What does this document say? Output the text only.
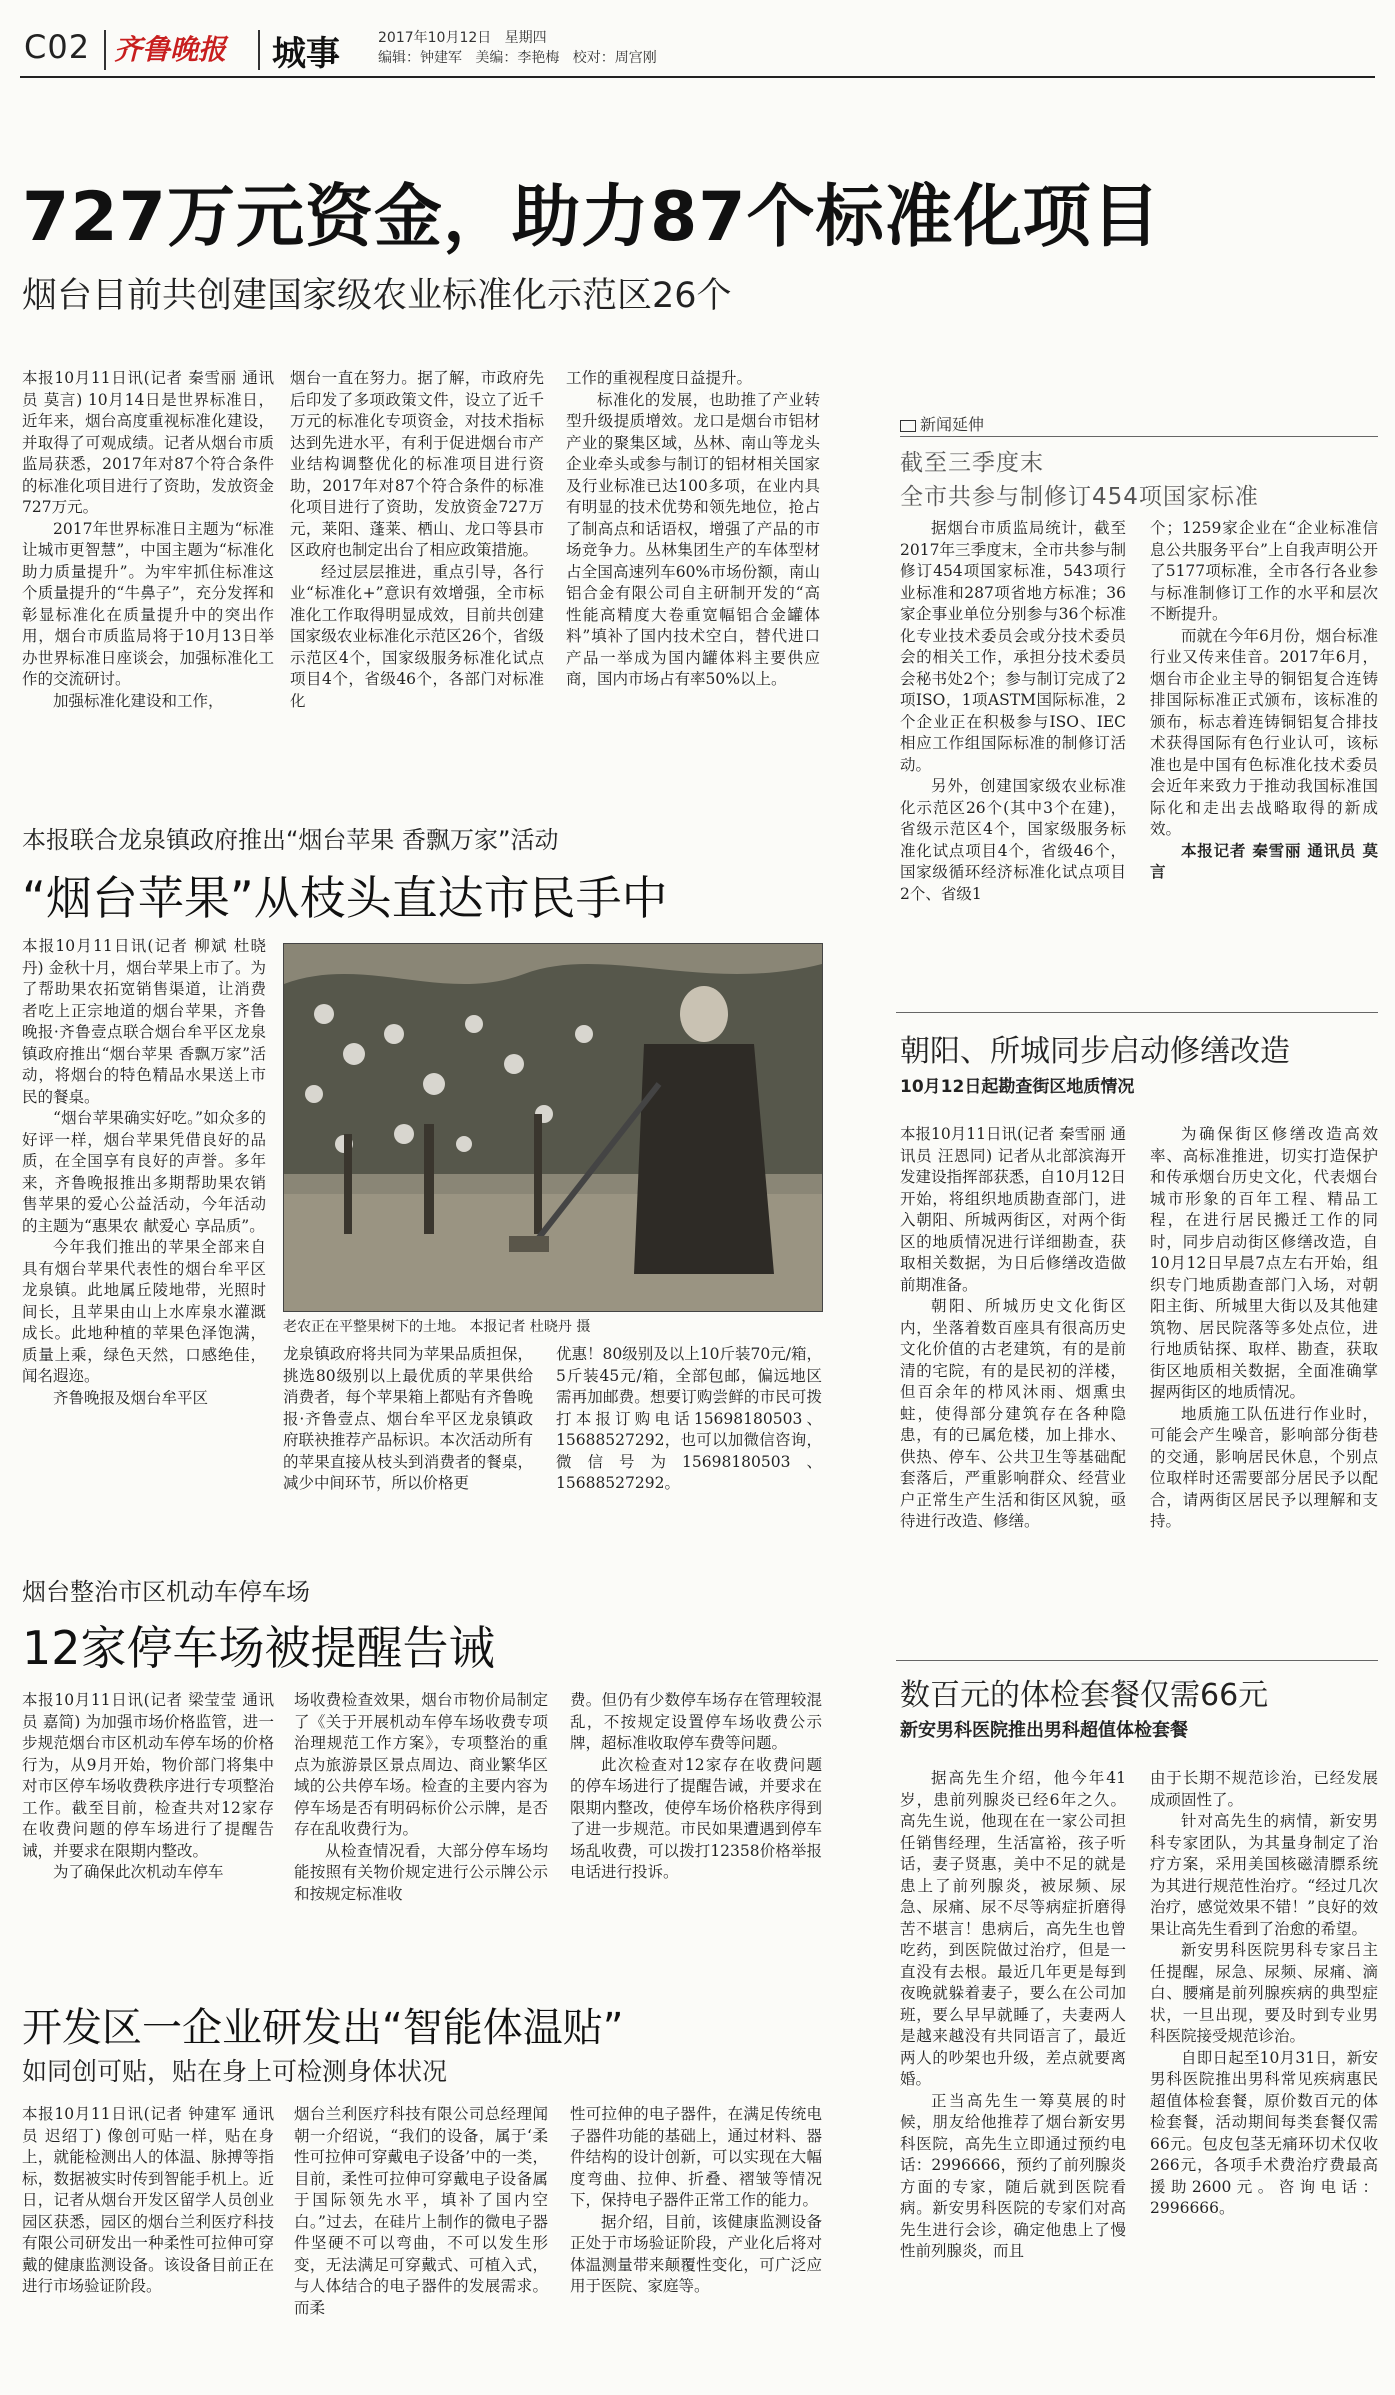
C02 齐鲁晚报 城事	2017年10月12日 星期四
编辑：钟建军 美编：李艳梅 校对：周宫刚
727万元资金，助力87个标准化项目
烟台目前共创建国家级农业标准化示范区26个

本报10月11日讯(记者 秦雪丽 通讯员 莫言) 10月14日是世界标准日，近年来，烟台高度重视标准化建设，并取得了可观成绩。记者从烟台市质监局获悉，2017年对87个符合条件的标准化项目进行了资助，发放资金727万元。

2017年世界标准日主题为“标准让城市更智慧”，中国主题为“标准化助力质量提升”。为牢牢抓住标准这个质量提升的“牛鼻子”，充分发挥和彰显标准化在质量提升中的突出作用，烟台市质监局将于10月13日举办世界标准日座谈会，加强标准化工作的交流研讨。

加强标准化建设和工作，

烟台一直在努力。据了解，市政府先后印发了多项政策文件，设立了近千万元的标准化专项资金，对技术指标达到先进水平，有利于促进烟台市产业结构调整优化的标准项目进行资助，2017年对87个符合条件的标准化项目进行了资助，发放资金727万元，莱阳、蓬莱、栖山、龙口等县市区政府也制定出台了相应政策措施。

经过层层推进，重点引导，各行业“标准化+”意识有效增强，全市标准化工作取得明显成效，目前共创建国家级农业标准化示范区26个，省级示范区4个，国家级服务标准化试点项目4个，省级46个，各部门对标准化

工作的重视程度日益提升。

标准化的发展，也助推了产业转型升级提质增效。龙口是烟台市铝材产业的聚集区域，丛林、南山等龙头企业牵头或参与制订的铝材相关国家及行业标准已达100多项，在业内具有明显的技术优势和领先地位，抢占了制高点和话语权，增强了产品的市场竞争力。丛林集团生产的车体型材占全国高速列车60%市场份额，南山铝合金有限公司自主研制开发的“高性能高精度大卷重宽幅铝合金罐体料”填补了国内技术空白，替代进口产品一举成为国内罐体料主要供应商，国内市场占有率50%以上。

新闻延伸
截至三季度末
全市共参与制修订454项国家标准

据烟台市质监局统计，截至2017年三季度末，全市共参与制修订454项国家标准，543项行业标准和287项省地方标准；36家企事业单位分别参与36个标准化专业技术委员会或分技术委员会的相关工作，承担分技术委员会秘书处2个；参与制订完成了2项ISO，1项ASTM国际标准，2个企业正在积极参与ISO、IEC相应工作组国际标准的制修订活动。

另外，创建国家级农业标准化示范区26个(其中3个在建)，省级示范区4个，国家级服务标准化试点项目4个，省级46个，国家级循环经济标准化试点项目2个、省级1

个；1259家企业在“企业标准信息公共服务平台”上自我声明公开了5177项标准，全市各行各业参与标准制修订工作的水平和层次不断提升。

而就在今年6月份，烟台标准行业又传来佳音。2017年6月，烟台市企业主导的铜铝复合连铸排国际标准正式颁布，该标准的颁布，标志着连铸铜铝复合排技术获得国际有色行业认可，该标准也是中国有色标准化技术委员会近年来致力于推动我国标准国际化和走出去战略取得的新成效。

本报记者 秦雪丽 通讯员 莫言

本报联合龙泉镇政府推出“烟台苹果 香飘万家”活动
“烟台苹果”从枝头直达市民手中

本报10月11日讯(记者 柳斌 杜晓丹) 金秋十月，烟台苹果上市了。为了帮助果农拓宽销售渠道，让消费者吃上正宗地道的烟台苹果，齐鲁晚报·齐鲁壹点联合烟台牟平区龙泉镇政府推出“烟台苹果 香飘万家”活动，将烟台的特色精品水果送上市民的餐桌。

“烟台苹果确实好吃。”如众多的好评一样，烟台苹果凭借良好的品质，在全国享有良好的声誉。多年来，齐鲁晚报推出多期帮助果农销售苹果的爱心公益活动，今年活动的主题为“惠果农 献爱心 享品质”。

今年我们推出的苹果全部来自具有烟台苹果代表性的烟台牟平区龙泉镇。此地属丘陵地带，光照时间长，且苹果由山上水库泉水灌溉成长。此地种植的苹果色泽饱满，质量上乘，绿色天然，口感绝佳，闻名遐迩。

齐鲁晚报及烟台牟平区

老农正在平整果树下的土地。 本报记者 杜晓丹 摄

龙泉镇政府将共同为苹果品质担保，挑选80级别以上最优质的苹果供给消费者，每个苹果箱上都贴有齐鲁晚报·齐鲁壹点、烟台牟平区龙泉镇政府联袂推荐产品标识。本次活动所有的苹果直接从枝头到消费者的餐桌，减少中间环节，所以价格更

优惠！80级别及以上10斤装70元/箱，5斤装45元/箱，全部包邮，偏远地区需再加邮费。想要订购尝鲜的市民可拨打本报订购电话15698180503、15688527292，也可以加微信咨询，微信号为15698180503、15688527292。

朝阳、所城同步启动修缮改造
10月12日起勘查街区地质情况

本报10月11日讯(记者 秦雪丽 通讯员 汪恩同) 记者从北部滨海开发建设指挥部获悉，自10月12日开始，将组织地质勘查部门，进入朝阳、所城两街区，对两个街区的地质情况进行详细勘查，获取相关数据，为日后修缮改造做前期准备。

朝阳、所城历史文化街区内，坐落着数百座具有很高历史文化价值的古老建筑，有的是前清的宅院，有的是民初的洋楼，但百余年的栉风沐雨、烟熏虫蛀，使得部分建筑存在各种隐患，有的已属危楼，加上排水、供热、停车、公共卫生等基础配套落后，严重影响群众、经营业户正常生产生活和街区风貌，亟待进行改造、修缮。

为确保街区修缮改造高效率、高标准推进，切实打造保护和传承烟台历史文化，代表烟台城市形象的百年工程、精品工程，在进行居民搬迁工作的同时，同步启动街区修缮改造，自10月12日早晨7点左右开始，组织专门地质勘查部门入场，对朝阳主街、所城里大街以及其他建筑物、居民院落等多处点位，进行地质钻探、取样、勘查，获取街区地质相关数据，全面准确掌握两街区的地质情况。

地质施工队伍进行作业时，可能会产生噪音，影响部分街巷的交通，影响居民休息，个别点位取样时还需要部分居民予以配合，请两街区居民予以理解和支持。

烟台整治市区机动车停车场
12家停车场被提醒告诫

本报10月11日讯(记者 梁莹莹 通讯员 嘉简) 为加强市场价格监管，进一步规范烟台市区机动车停车场的价格行为，从9月开始，物价部门将集中对市区停车场收费秩序进行专项整治工作。截至目前，检查共对12家存在收费问题的停车场进行了提醒告诫，并要求在限期内整改。

为了确保此次机动车停车

场收费检查效果，烟台市物价局制定了《关于开展机动车停车场收费专项治理规范工作方案》，专项整治的重点为旅游景区景点周边、商业繁华区域的公共停车场。检查的主要内容为停车场是否有明码标价公示牌，是否存在乱收费行为。

从检查情况看，大部分停车场均能按照有关物价规定进行公示牌公示和按规定标准收

费。但仍有少数停车场存在管理较混乱，不按规定设置停车场收费公示牌，超标准收取停车费等问题。

此次检查对12家存在收费问题的停车场进行了提醒告诫，并要求在限期内整改，使停车场价格秩序得到了进一步规范。市民如果遭遇到停车场乱收费，可以拨打12358价格举报电话进行投诉。

数百元的体检套餐仅需66元
新安男科医院推出男科超值体检套餐

据高先生介绍，他今年41岁，患前列腺炎已经6年之久。高先生说，他现在在一家公司担任销售经理，生活富裕，孩子听话，妻子贤惠，美中不足的就是患上了前列腺炎，被尿频、尿急、尿痛、尿不尽等病症折磨得苦不堪言！患病后，高先生也曾吃药，到医院做过治疗，但是一直没有去根。最近几年更是每到夜晚就躲着妻子，要么在公司加班，要么早早就睡了，夫妻两人是越来越没有共同语言了，最近两人的吵架也升级，差点就要离婚。

正当高先生一筹莫展的时候，朋友给他推荐了烟台新安男科医院，高先生立即通过预约电话：2996666，预约了前列腺炎方面的专家，随后就到医院看病。新安男科医院的专家们对高先生进行会诊，确定他患上了慢性前列腺炎，而且

由于长期不规范诊治，已经发展成顽固性了。

针对高先生的病情，新安男科专家团队，为其量身制定了治疗方案，采用美国核磁清膘系统为其进行规范性治疗。“经过几次治疗，感觉效果不错！”良好的效果让高先生看到了治愈的希望。

新安男科医院男科专家吕主任提醒，尿急、尿频、尿痛、滴白、腰痛是前列腺疾病的典型症状，一旦出现，要及时到专业男科医院接受规范诊治。

自即日起至10月31日，新安男科医院推出男科常见疾病惠民超值体检套餐，原价数百元的体检套餐，活动期间每类套餐仅需66元。包皮包茎无痛环切术仅收266元，各项手术费治疗费最高援助2600元。咨询电话：2996666。

开发区一企业研发出“智能体温贴”
如同创可贴，贴在身上可检测身体状况

本报10月11日讯(记者 钟建军 通讯员 迟绍丁) 像创可贴一样，贴在身上，就能检测出人的体温、脉搏等指标，数据被实时传到智能手机上。近日，记者从烟台开发区留学人员创业园区获悉，园区的烟台兰利医疗科技有限公司研发出一种柔性可拉伸可穿戴的健康监测设备。该设备目前正在进行市场验证阶段。

烟台兰利医疗科技有限公司总经理闻朝一介绍说，“我们的设备，属于‘柔性可拉伸可穿戴电子设备’中的一类，目前，柔性可拉伸可穿戴电子设备属于国际领先水平，填补了国内空白。”过去，在硅片上制作的微电子器件坚硬不可以弯曲，不可以发生形变，无法满足可穿戴式、可植入式，与人体结合的电子器件的发展需求。而柔

性可拉伸的电子器件，在满足传统电子器件功能的基础上，通过材料、器件结构的设计创新，可以实现在大幅度弯曲、拉伸、折叠、褶皱等情况下，保持电子器件正常工作的能力。

据介绍，目前，该健康监测设备正处于市场验证阶段，产业化后将对体温测量带来颠覆性变化，可广泛应用于医院、家庭等。
